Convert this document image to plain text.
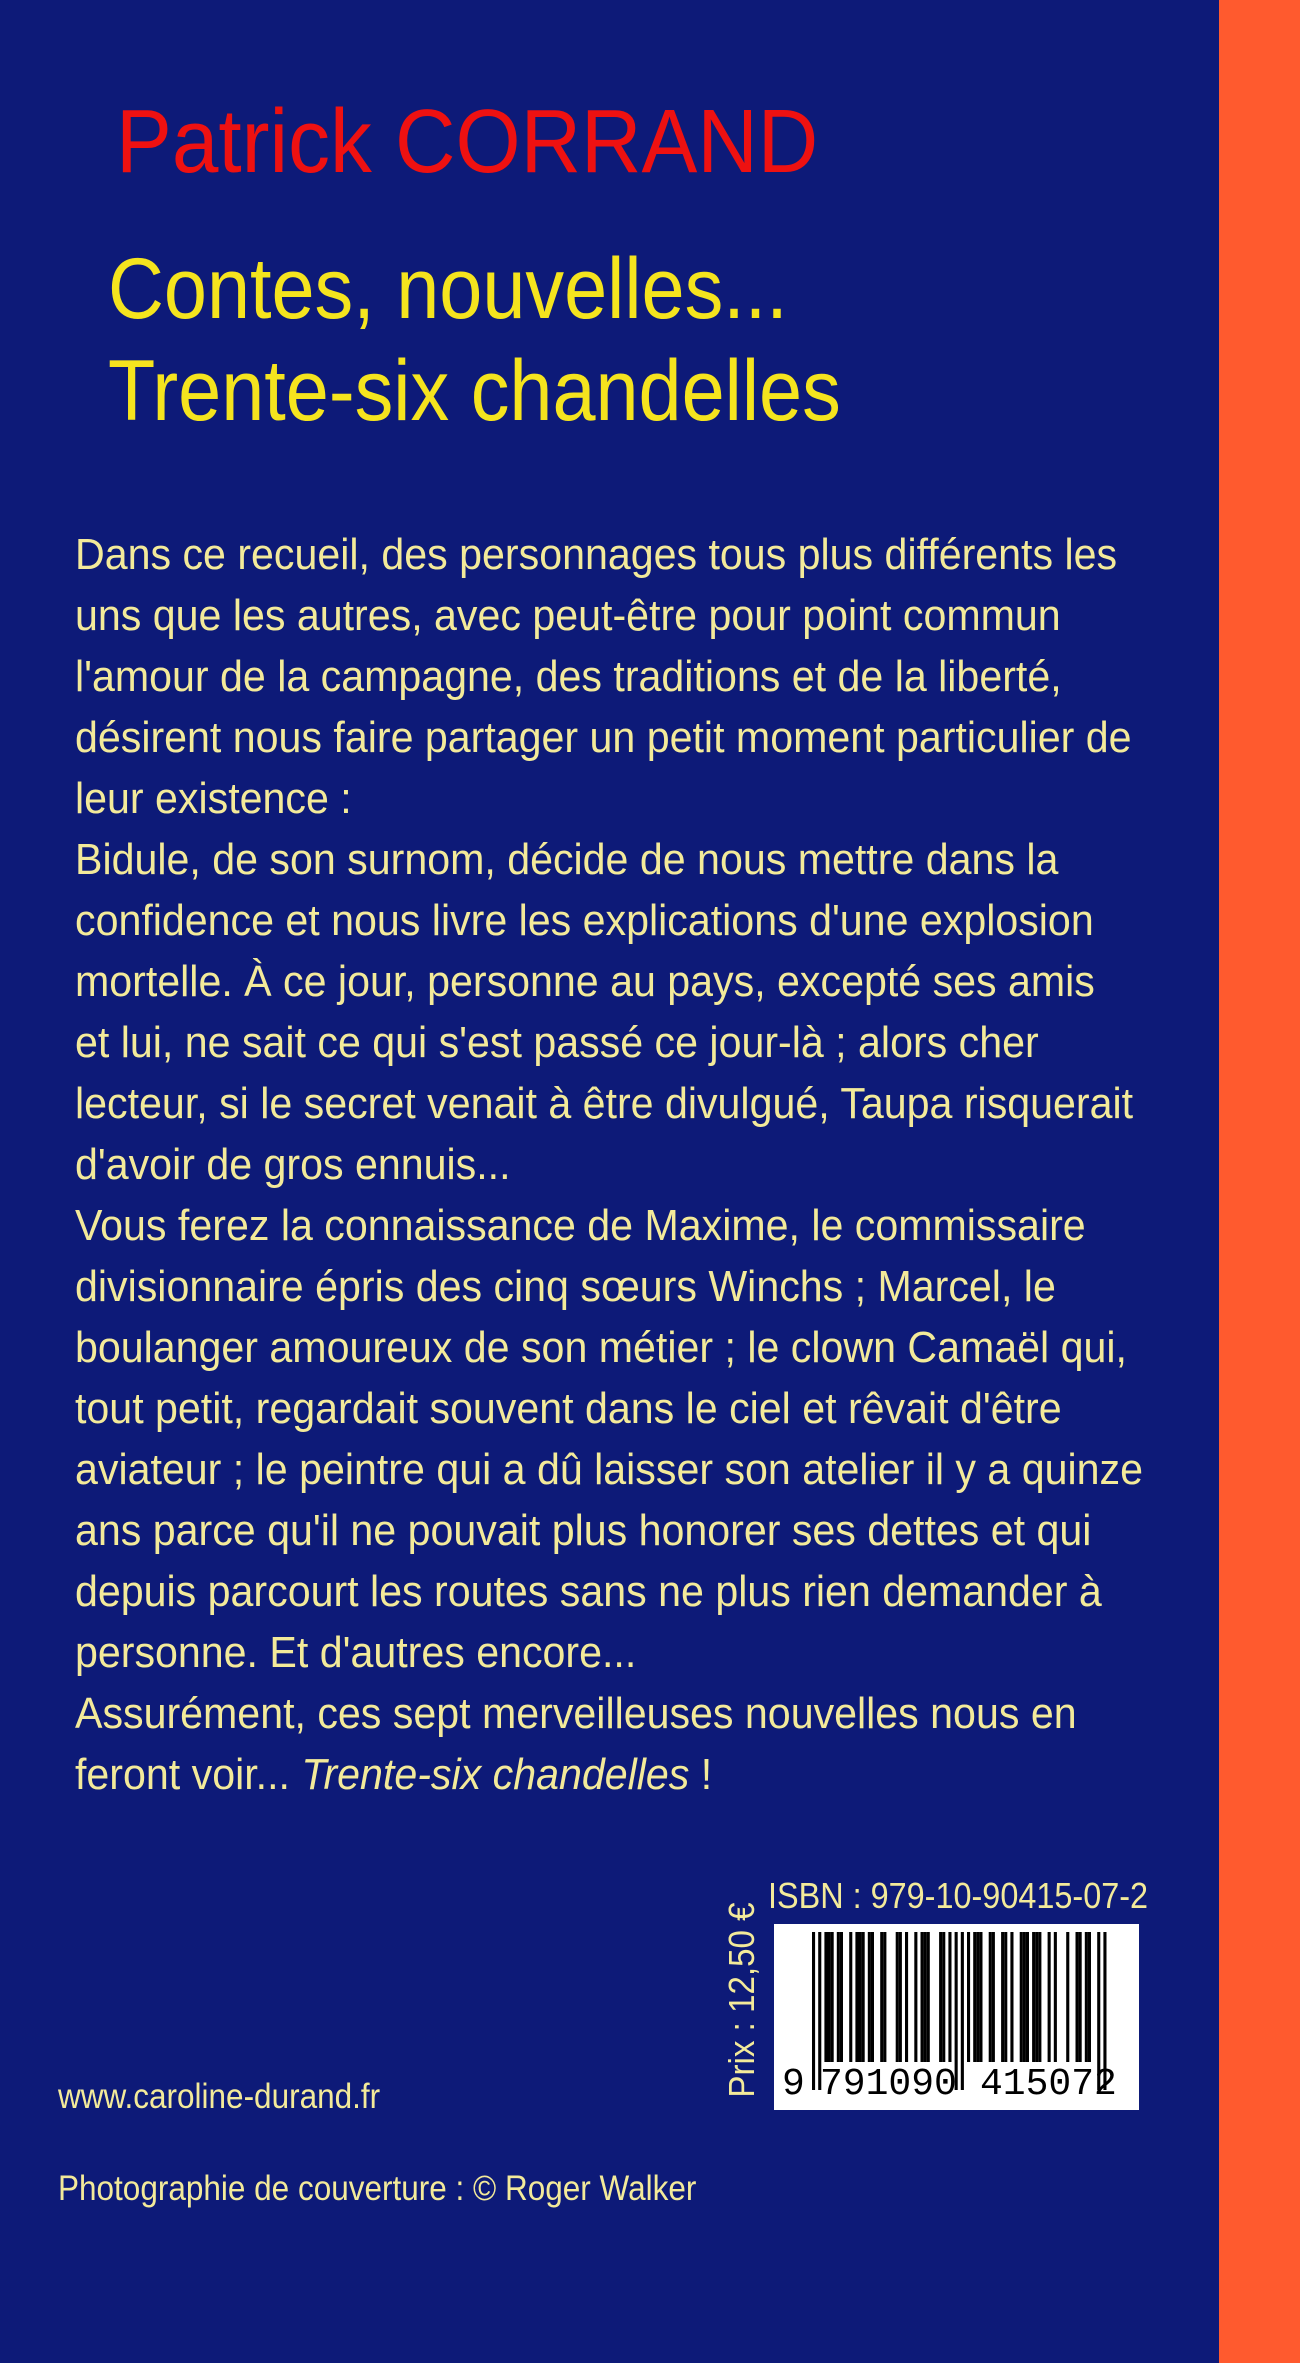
Patrick CORRAND
Contes, nouvelles...
Trente-six chandelles

Dans ce recueil, des personnages tous plus différents les

uns que les autres, avec peut-être pour point commun

l'amour de la campagne, des traditions et de la liberté,

désirent nous faire partager un petit moment particulier de

leur existence :

Bidule, de son surnom, décide de nous mettre dans la

confidence et nous livre les explications d'une explosion

mortelle. À ce jour, personne au pays, excepté ses amis

et lui, ne sait ce qui s'est passé ce jour-là ; alors cher

lecteur, si le secret venait à être divulgué, Taupa risquerait

d'avoir de gros ennuis...

Vous ferez la connaissance de Maxime, le commissaire

divisionnaire épris des cinq sœurs Winchs ; Marcel, le

boulanger amoureux de son métier ; le clown Camaël qui,

tout petit, regardait souvent dans le ciel et rêvait d'être

aviateur ; le peintre qui a dû laisser son atelier il y a quinze

ans parce qu'il ne pouvait plus honorer ses dettes et qui

depuis parcourt les routes sans ne plus rien demander à

personne. Et d'autres encore...

Assurément, ces sept merveilleuses nouvelles nous en

feront voir... Trente-six chandelles !

ISBN : 979-10-90415-07-2
Prix : 12,50 € 9 791090 415072
www.caroline-durand.fr
Photographie de couverture : © Roger Walker
